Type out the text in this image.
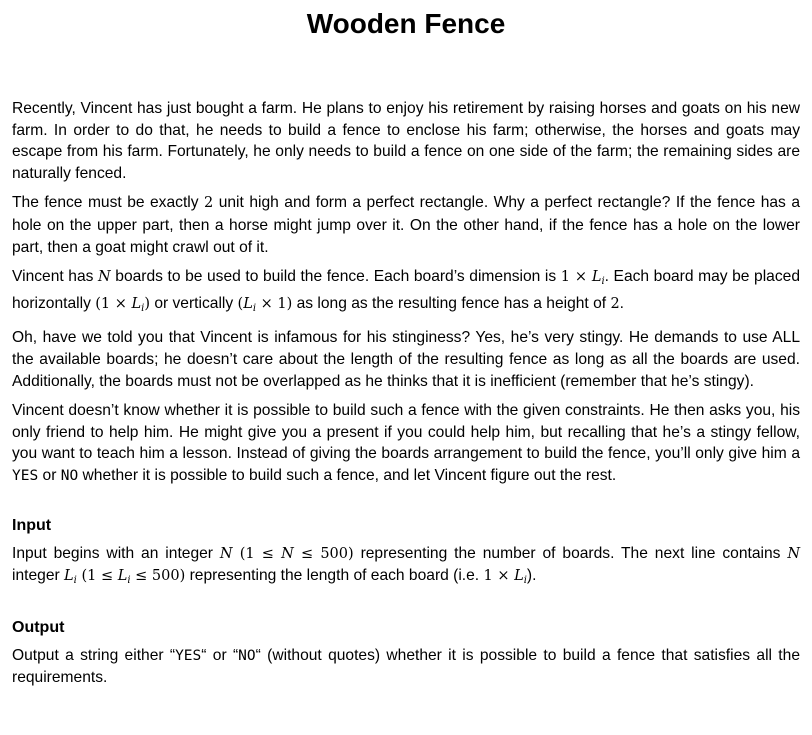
Wooden Fence

Recently, Vincent has just bought a farm. He plans to enjoy his retirement by raising horses and goats on his new farm. In order to do that, he needs to build a fence to enclose his farm; otherwise, the horses and goats may escape from his farm. Fortunately, he only needs to build a fence on one side of the farm; the remaining sides are naturally fenced.

The fence must be exactly 2 unit high and form a perfect rectangle. Why a perfect rectangle? If the fence has a hole on the upper part, then a horse might jump over it. On the other hand, if the fence has a hole on the lower part, then a goat might crawl out of it.

Vincent has N boards to be used to build the fence. Each board’s dimension is $1 \times L_i$. Each board may be placed horizontally $(1 \times L_i)$ or vertically $(L_i \times 1)$ as long as the resulting fence has a height of 2.

Oh, have we told you that Vincent is infamous for his stinginess? Yes, he’s very stingy. He demands to use ALL the available boards; he doesn’t care about the length of the resulting fence as long as all the boards are used. Additionally, the boards must not be overlapped as he thinks that it is inefficient (remember that he’s stingy).

Vincent doesn’t know whether it is possible to build such a fence with the given constraints. He then asks you, his only friend to help him. He might give you a present if you could help him, but recalling that he’s a stingy fellow, you want to teach him a lesson. Instead of giving the boards arrangement to build the fence, you’ll only give him a YES or NO whether it is possible to build such a fence, and let Vincent figure out the rest.

Input

Input begins with an integer N (1 ≤ N ≤ 500) representing the number of boards. The next line contains N integer $L_i$ $(1 \le L_i \le 500)$ representing the length of each board (i.e. $1 \times L_i$).

Output

Output a string either “YES“ or “NO“ (without quotes) whether it is possible to build a fence that satisfies all the requirements.
